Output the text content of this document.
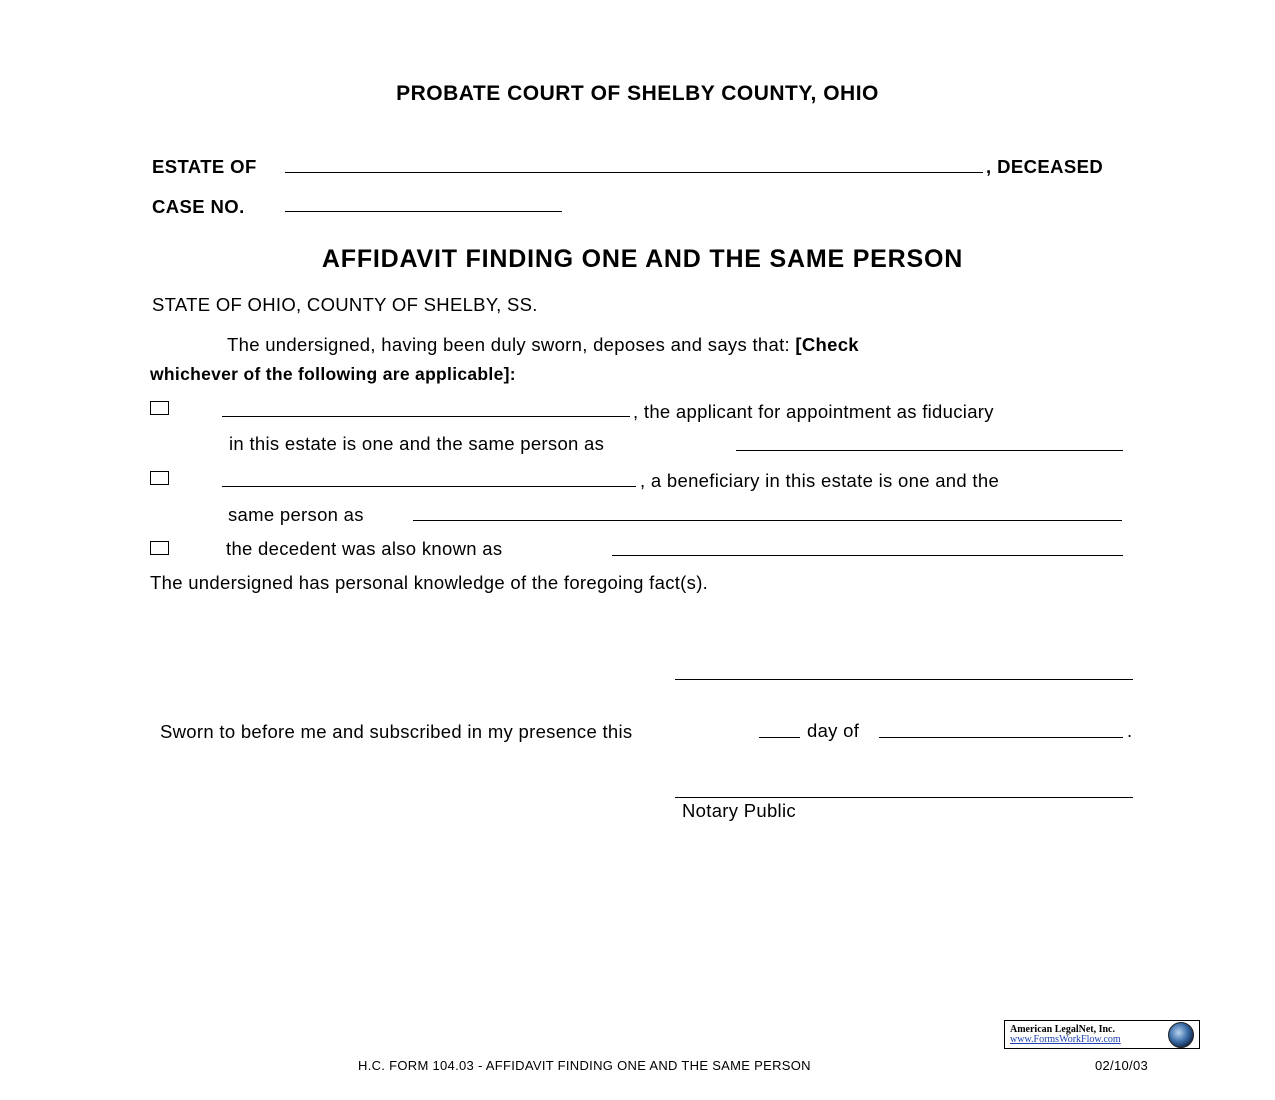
PROBATE COURT OF SHELBY COUNTY, OHIO
ESTATE OF	, DECEASED
CASE NO.
AFFIDAVIT FINDING ONE AND THE SAME PERSON
STATE OF OHIO, COUNTY OF SHELBY, SS.
The undersigned, having been duly sworn, deposes and says that: [Check
whichever of the following are applicable]:
, the applicant for appointment as fiduciary
in this estate is one and the same person as
, a beneficiary in this estate is one and the
same person as
the decedent was also known as
The undersigned has personal knowledge of the foregoing fact(s).
Sworn to before me and subscribed in my presence this	day of	.
Notary Public
American LegalNet, Inc.
www.FormsWorkFlow.com
H.C. FORM 104.03 - AFFIDAVIT FINDING ONE AND THE SAME PERSON	02/10/03
